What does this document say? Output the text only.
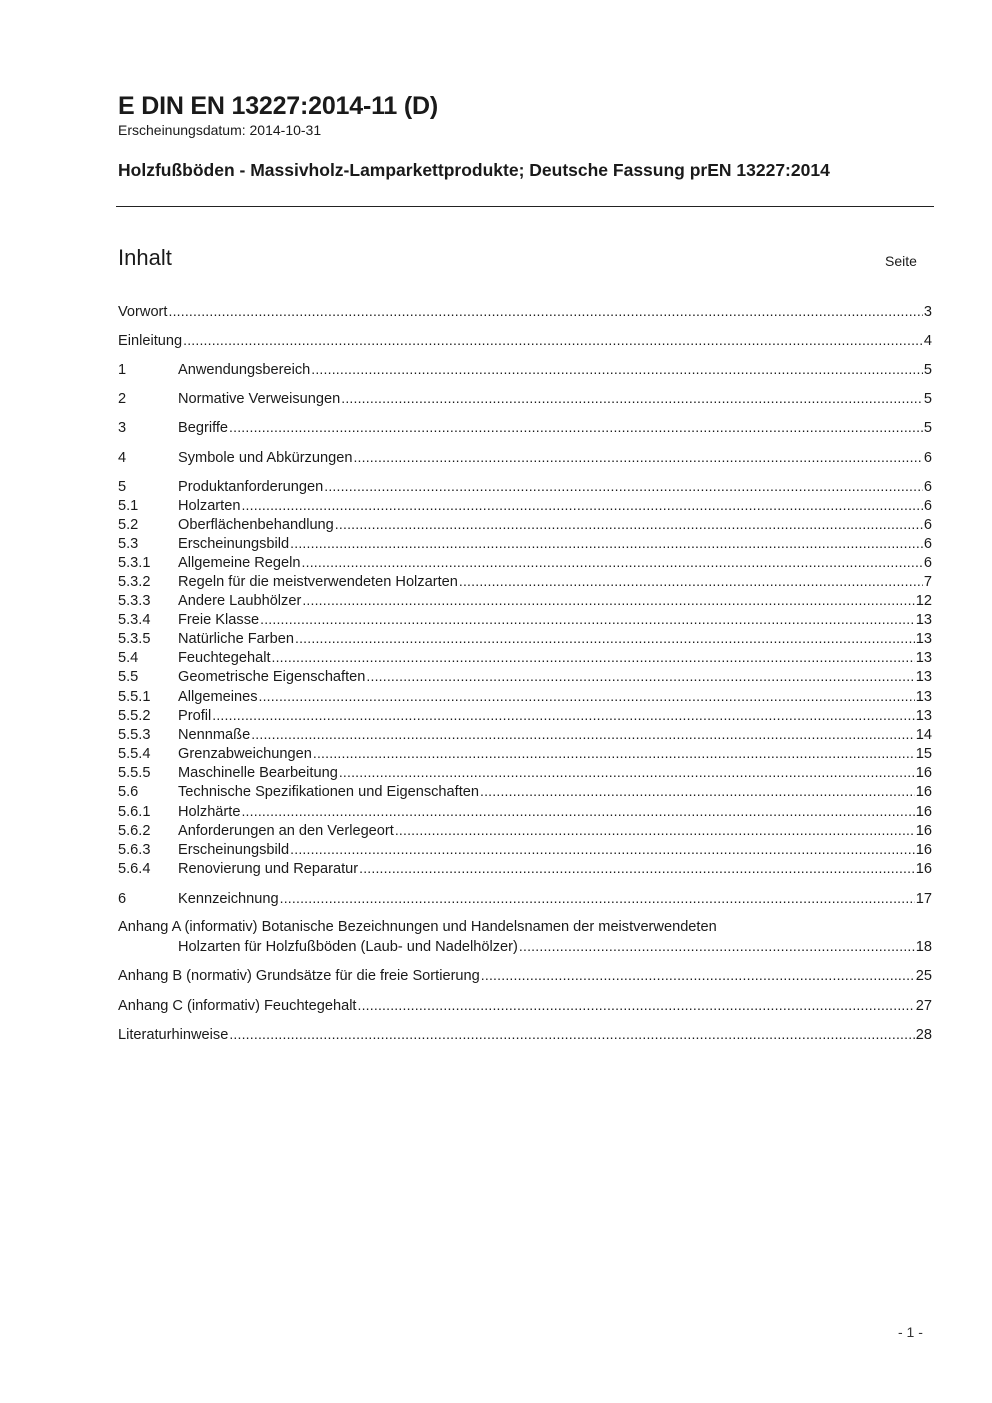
E DIN EN 13227:2014-11 (D)
Erscheinungsdatum: 2014-10-31
Holzfußböden - Massivholz-Lamparkettprodukte; Deutsche Fassung prEN 13227:2014
Inhalt	Seite
Vorwort .....	3
Einleitung .....	4
1	Anwendungsbereich .....	5
2	Normative Verweisungen .....	5
3	Begriffe .....	5
4	Symbole und Abkürzungen .....	6
5	Produktanforderungen .....	6
5.1	Holzarten .....	6
5.2	Oberflächenbehandlung .....	6
5.3	Erscheinungsbild .....	6
5.3.1	Allgemeine Regeln .....	6
5.3.2	Regeln für die meistverwendeten Holzarten .....	7
5.3.3	Andere Laubhölzer .....	12
5.3.4	Freie Klasse .....	13
5.3.5	Natürliche Farben .....	13
5.4	Feuchtegehalt .....	13
5.5	Geometrische Eigenschaften .....	13
5.5.1	Allgemeines .....	13
5.5.2	Profil .....	13
5.5.3	Nennmaße .....	14
5.5.4	Grenzabweichungen .....	15
5.5.5	Maschinelle Bearbeitung .....	16
5.6	Technische Spezifikationen und Eigenschaften .....	16
5.6.1	Holzhärte .....	16
5.6.2	Anforderungen an den Verlegeort .....	16
5.6.3	Erscheinungsbild .....	16
5.6.4	Renovierung und Reparatur .....	16
6	Kennzeichnung .....	17
Anhang A (informativ) Botanische Bezeichnungen und Handelsnamen der meistverwendeten
Holzarten für Holzfußböden (Laub- und Nadelhölzer) .....	18
Anhang B (normativ) Grundsätze für die freie Sortierung .....	25
Anhang C (informativ) Feuchtegehalt .....	27
Literaturhinweise .....	28
- 1 -
